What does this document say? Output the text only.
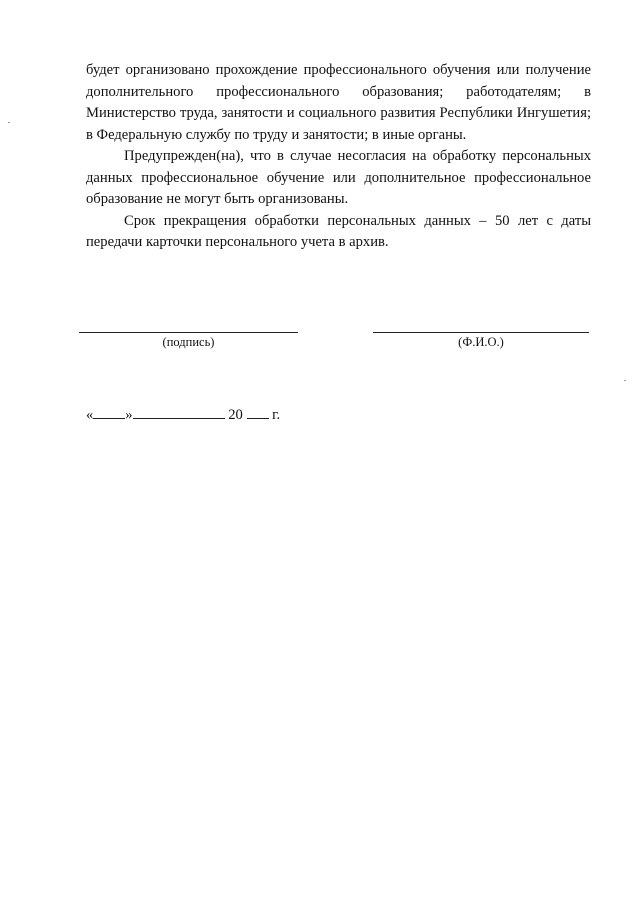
будет организовано прохождение профессионального обучения или получение дополнительного профессионального образования; работодателям; в Министерство труда, занятости и социального развития Республики Ингушетия; в Федеральную службу по труду и занятости; в иные органы.

Предупрежден(на), что в случае несогласия на обработку персональных данных профессиональное обучение или дополнительное профессиональное образование не могут быть организованы.

Срок прекращения обработки персональных данных – 50 лет с даты передачи карточки персонального учета в архив.

(подпись)	(Ф.И.О.)
« »	20 г.
